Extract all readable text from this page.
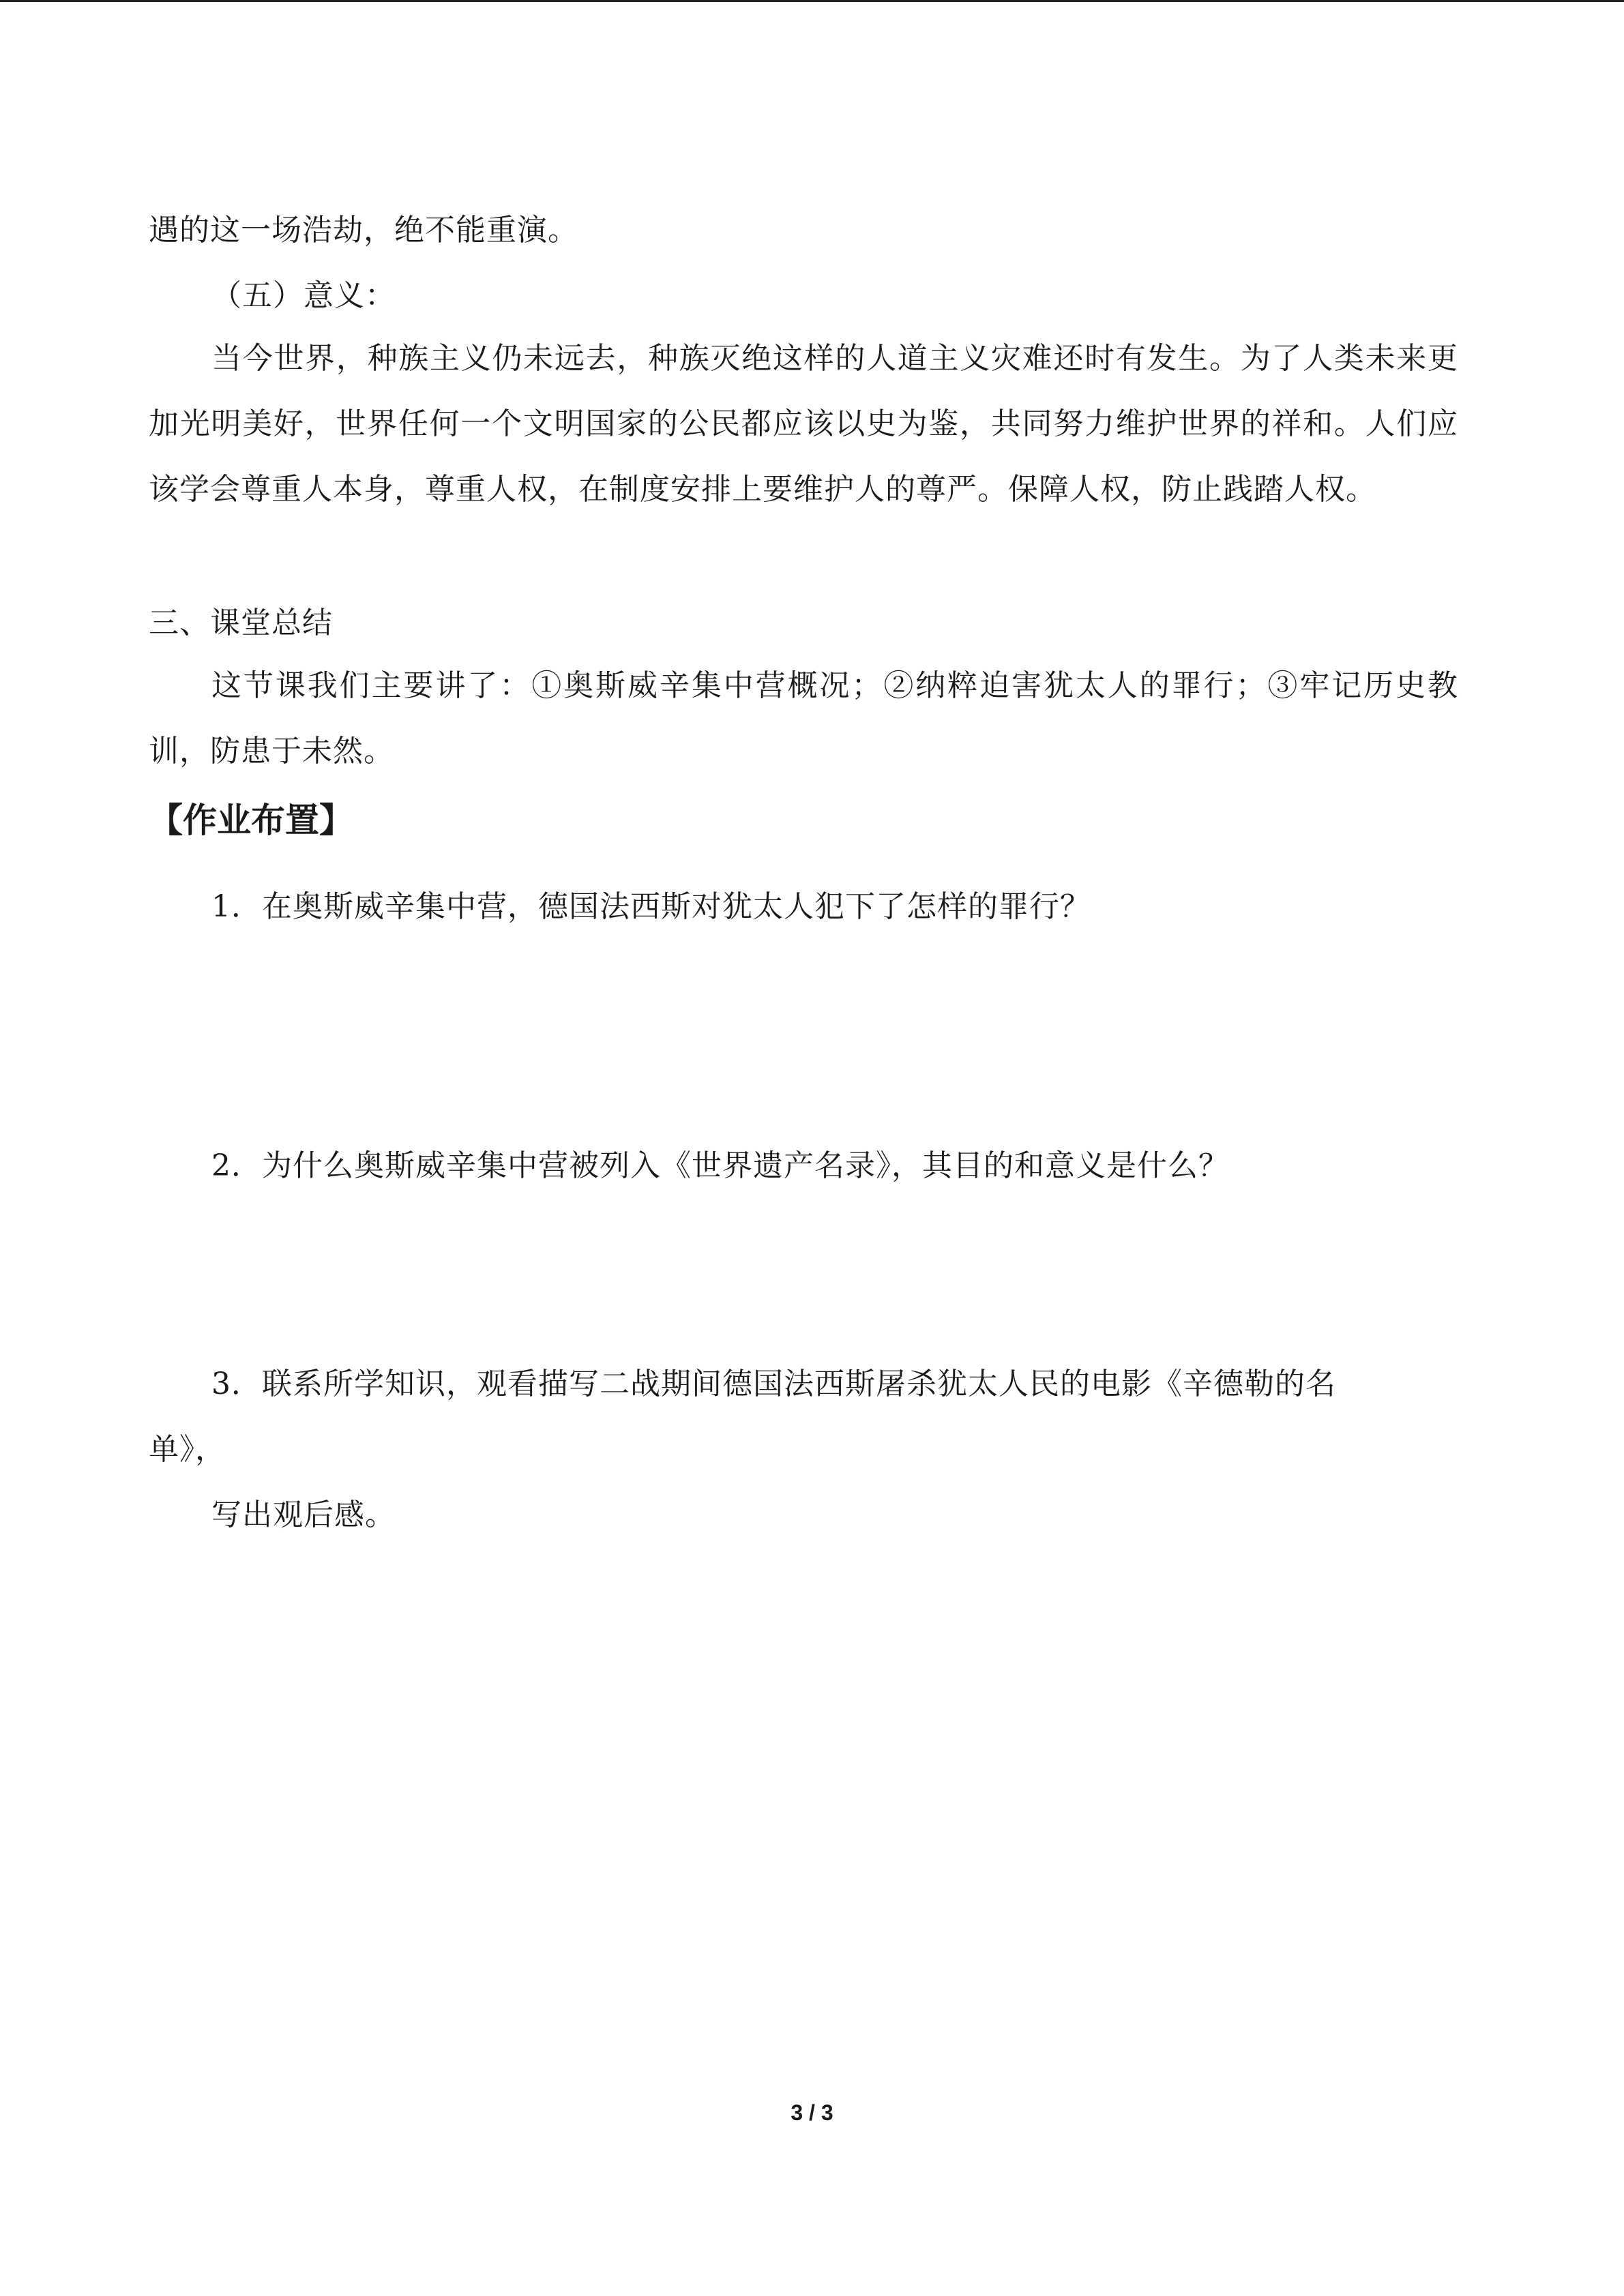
遇的这一场浩劫，绝不能重演。
（五）意义：
当今世界，种族主义仍未远去，种族灭绝这样的人道主义灾难还时有发生。为了人类未来更加光明美好，世界任何一个文明国家的公民都应该以史为鉴，共同努力维护世界的祥和。人们应该学会尊重人本身，尊重人权，在制度安排上要维护人的尊严。保障人权，防止践踏人权。
三、课堂总结
这节课我们主要讲了：①奥斯威辛集中营概况；②纳粹迫害犹太人的罪行；③牢记历史教训，防患于未然。
【作业布置】
1．在奥斯威辛集中营，德国法西斯对犹太人犯下了怎样的罪行？
2．为什么奥斯威辛集中营被列入《世界遗产名录》，其目的和意义是什么？
3．联系所学知识，观看描写二战期间德国法西斯屠杀犹太人民的电影《辛德勒的名
单》，
写出观后感。
3 / 3
